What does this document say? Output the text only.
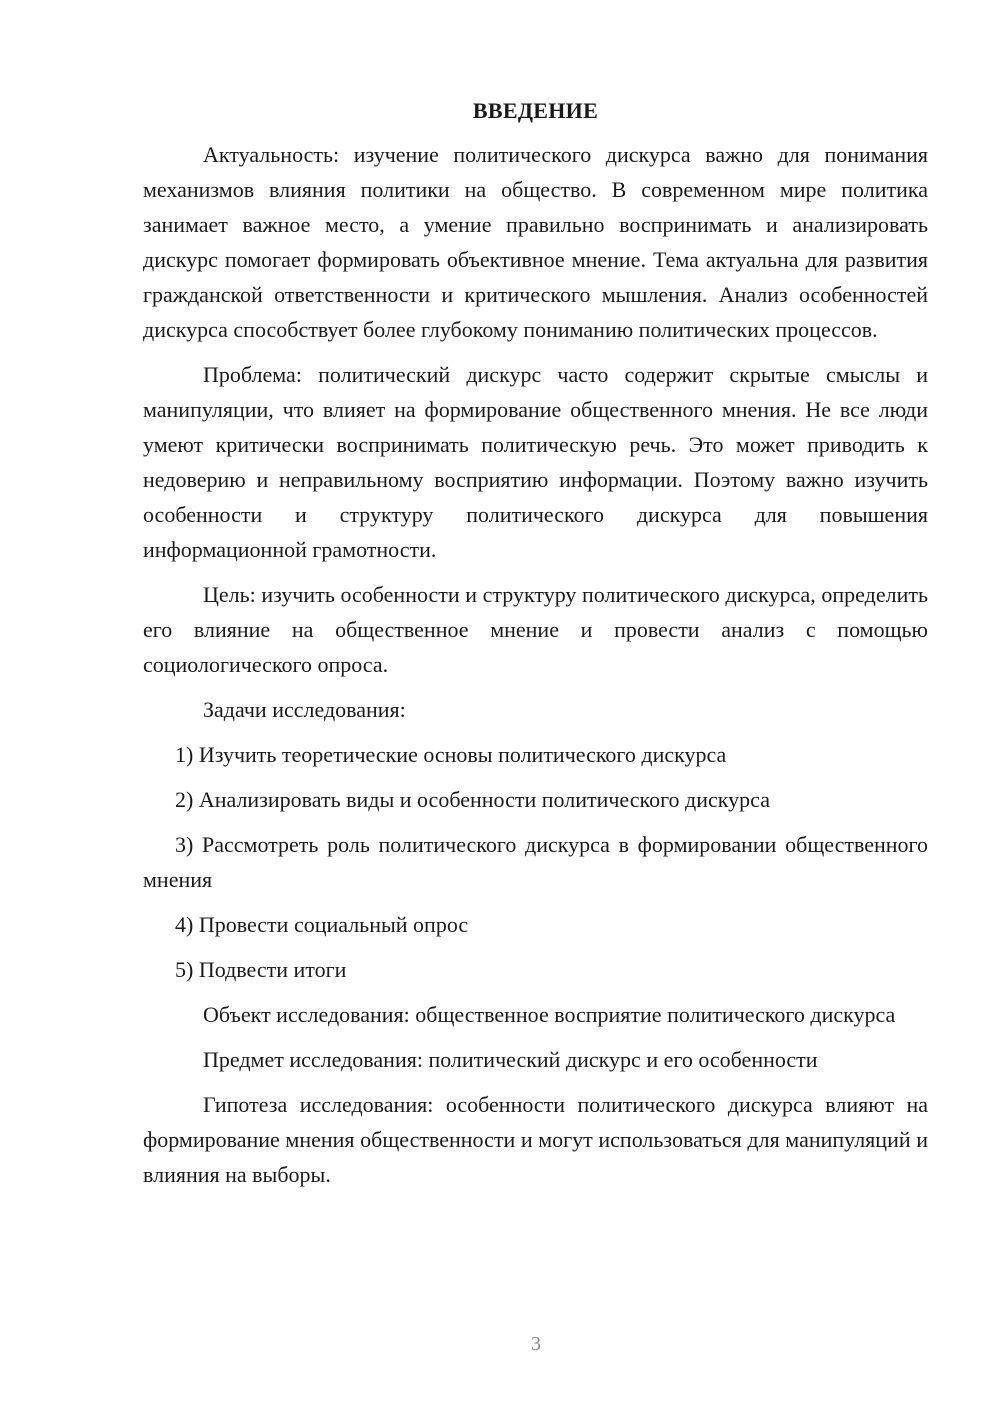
ВВЕДЕНИЕ

Актуальность: изучение политического дискурса важно для понимания механизмов влияния политики на общество. В современном мире политика занимает важное место, а умение правильно воспринимать и анализировать дискурс помогает формировать объективное мнение. Тема актуальна для развития гражданской ответственности и критического мышления. Анализ особенностей дискурса способствует более глубокому пониманию политических процессов.

Проблема: политический дискурс часто содержит скрытые смыслы и манипуляции, что влияет на формирование общественного мнения. Не все люди умеют критически воспринимать политическую речь. Это может приводить к недоверию и неправильному восприятию информации. Поэтому важно изучить особенности и структуру политического дискурса для повышения информационной грамотности.

Цель: изучить особенности и структуру политического дискурса, определить его влияние на общественное мнение и провести анализ с помощью социологического опроса.

Задачи исследования:

1) Изучить теоретические основы политического дискурса

2) Анализировать виды и особенности политического дискурса

3) Рассмотреть роль политического дискурса в формировании общественного мнения

4) Провести социальный опрос

5) Подвести итоги

Объект исследования: общественное восприятие политического дискурса

Предмет исследования: политический дискурс и его особенности

Гипотеза исследования: особенности политического дискурса влияют на формирование мнения общественности и могут использоваться для манипуляций и влияния на выборы.

3
